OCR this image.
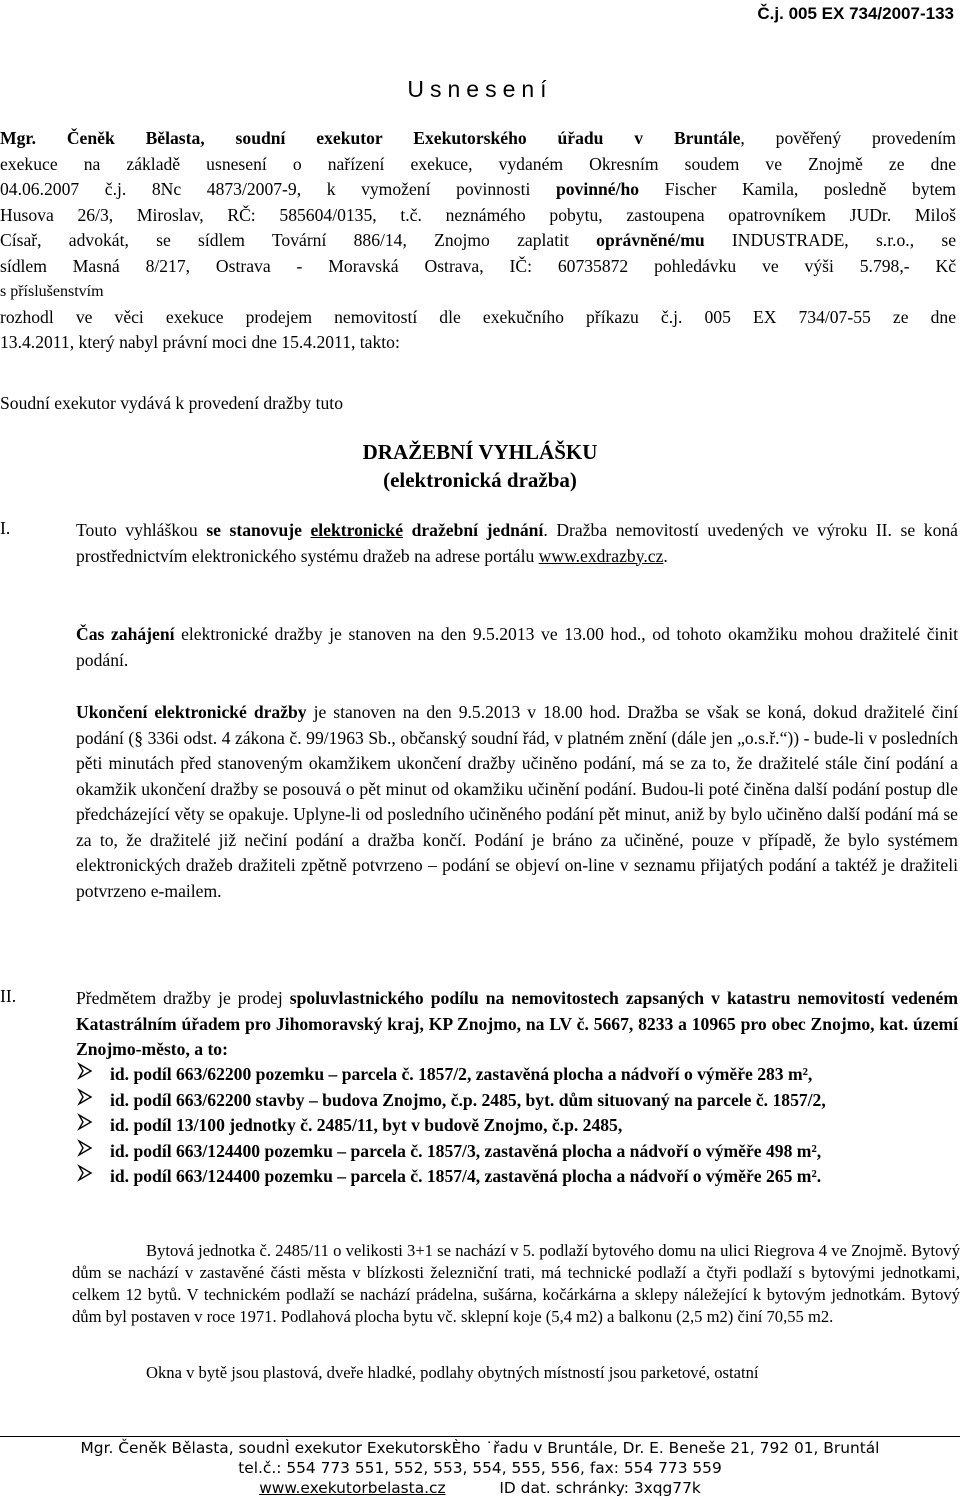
Č.j. 005 EX 734/2007-133
Usnesení
Mgr. Čeněk Bělasta, soudní exekutor Exekutorského úřadu v Bruntále, pověřený provedením
exekuce na základě usnesení o nařízení exekuce, vydaném Okresním soudem ve Znojmě ze dne
04.06.2007 č.j. 8Nc 4873/2007-9, k vymožení povinnosti povinné/ho Fischer Kamila, posledně bytem
Husova 26/3, Miroslav, RČ: 585604/0135, t.č. neznámého pobytu, zastoupena opatrovníkem JUDr. Miloš
Císař, advokát, se sídlem Tovární 886/14, Znojmo zaplatit oprávněné/mu INDUSTRADE, s.r.o., se
sídlem Masná 8/217, Ostrava - Moravská Ostrava, IČ: 60735872 pohledávku ve výši 5.798,- Kč
s příslušenstvím
rozhodl ve věci exekuce prodejem nemovitostí dle exekučního příkazu č.j. 005 EX 734/07-55 ze dne
13.4.2011, který nabyl právní moci dne 15.4.2011, takto:
Soudní exekutor vydává k provedení dražby tuto
DRAŽEBNÍ VYHLÁŠKU
(elektronická dražba)
I.	Touto vyhláškou se stanovuje elektronické dražební jednání. Dražba nemovitostí uvedených ve výroku II. se koná prostřednictvím elektronického systému dražeb na adrese portálu www.exdrazby.cz.
Čas zahájení elektronické dražby je stanoven na den 9.5.2013 ve 13.00 hod., od tohoto okamžiku mohou dražitelé činit podání.
Ukončení elektronické dražby je stanoven na den 9.5.2013 v 18.00 hod. Dražba se však se koná, dokud dražitelé činí podání (§ 336i odst. 4 zákona č. 99/1963 Sb., občanský soudní řád, v platném znění (dále jen „o.s.ř.“)) - bude-li v posledních pěti minutách před stanoveným okamžikem ukončení dražby učiněno podání, má se za to, že dražitelé stále činí podání a okamžik ukončení dražby se posouvá o pět minut od okamžiku učinění podání. Budou-li poté činěna další podání postup dle předcházející věty se opakuje. Uplyne-li od posledního učiněného podání pět minut, aniž by bylo učiněno další podání má se za to, že dražitelé již nečiní podání a dražba končí. Podání je bráno za učiněné, pouze v případě, že bylo systémem elektronických dražeb dražiteli zpětně potvrzeno – podání se objeví on-line v seznamu přijatých podání a taktéž je dražiteli potvrzeno e-mailem.
II.	Předmětem dražby je prodej spoluvlastnického podílu na nemovitostech zapsaných v katastru nemovitostí vedeném Katastrálním úřadem pro Jihomoravský kraj, KP Znojmo, na LV č. 5667, 8233 a 10965 pro obec Znojmo, kat. území Znojmo-město, a to:
id. podíl 663/62200 pozemku – parcela č. 1857/2, zastavěná plocha a nádvoří o výměře 283 m²,
id. podíl 663/62200 stavby – budova Znojmo, č.p. 2485, byt. dům situovaný na parcele č. 1857/2,
id. podíl 13/100 jednotky č. 2485/11, byt v budově Znojmo, č.p. 2485,
id. podíl 663/124400 pozemku – parcela č. 1857/3, zastavěná plocha a nádvoří o výměře 498 m²,
id. podíl 663/124400 pozemku – parcela č. 1857/4, zastavěná plocha a nádvoří o výměře 265 m².
Bytová jednotka č. 2485/11 o velikosti 3+1 se nachází v 5. podlaží bytového domu na ulici Riegrova 4 ve Znojmě. Bytový dům se nachází v zastavěné části města v blízkosti železniční trati, má technické podlaží a čtyři podlaží s bytovými jednotkami, celkem 12 bytů. V technickém podlaží se nachází prádelna, sušárna, kočárkárna a sklepy náležející k bytovým jednotkám. Bytový dům byl postaven v roce 1971. Podlahová plocha bytu vč. sklepní koje (5,4 m2) a balkonu (2,5 m2) činí 70,55 m2.
Okna v bytě jsou plastová, dveře hladké, podlahy obytných místností jsou parketové, ostatní
Mgr. Čeněk Bělasta, soudnÌ exekutor ExekutorskÈho ˙řadu v Bruntále, Dr. E. Beneše 21, 792 01, Bruntál
tel.č.: 554 773 551, 552, 553, 554, 555, 556, fax: 554 773 559
www.exekutorbelasta.cz	ID dat. schránky: 3xqg77k
